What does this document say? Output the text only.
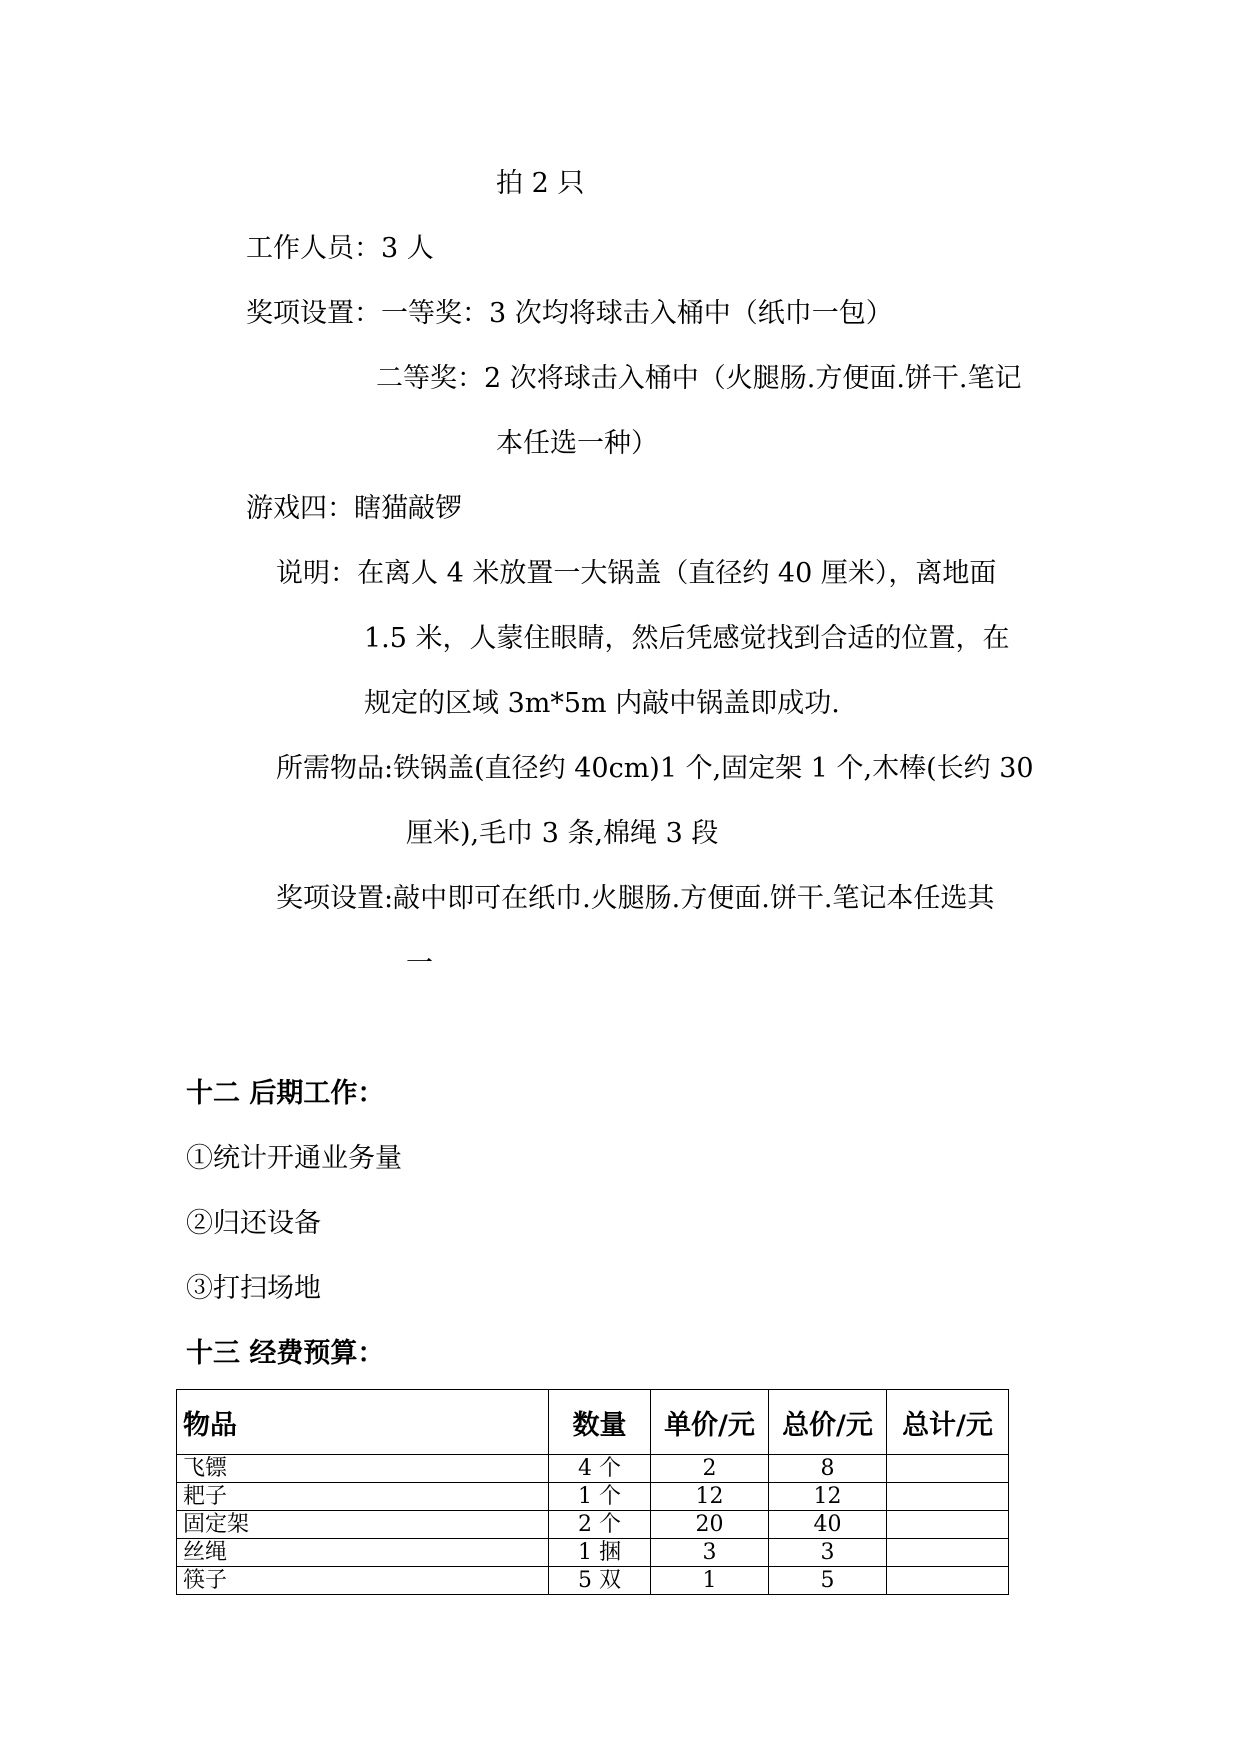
拍 2 只
工作人员：3 人
奖项设置：一等奖：3 次均将球击入桶中（纸巾一包）
二等奖：2 次将球击入桶中（火腿肠.方便面.饼干.笔记
本任选一种）
游戏四：瞎猫敲锣
说明：在离人 4 米放置一大锅盖（直径约 40 厘米），离地面
1.5 米，人蒙住眼睛，然后凭感觉找到合适的位置，在
规定的区域 3m*5m 内敲中锅盖即成功.
所需物品:铁锅盖(直径约 40cm)1 个,固定架 1 个,木棒(长约 30
厘米),毛巾 3 条,棉绳 3 段
奖项设置:敲中即可在纸巾.火腿肠.方便面.饼干.笔记本任选其
一
十二 后期工作：
①统计开通业务量
②归还设备
③打扫场地
十三 经费预算：
物品	数量	单价/元	总价/元	总计/元
飞镖	4 个	2	8	
耙子	1 个	12	12	
固定架	2 个	20	40	
丝绳	1 捆	3	3	
筷子	5 双	1	5	
